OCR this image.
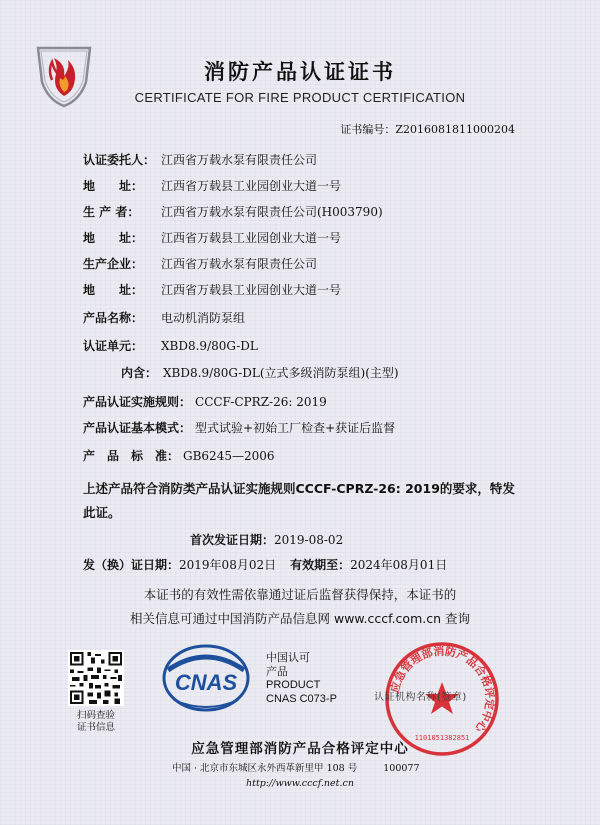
消防产品认证证书
CERTIFICATE FOR FIRE PRODUCT CERTIFICATION
证书编号：Z2016081811000204
认证委托人： 江西省万载水泵有限责任公司
地　　址： 江西省万载县工业园创业大道一号
生 产 者： 江西省万载水泵有限责任公司(H003790)
地　　址： 江西省万载县工业园创业大道一号
生产企业： 江西省万载水泵有限责任公司
地　　址： 江西省万载县工业园创业大道一号
产品名称： 电动机消防泵组
认证单元： XBD8.9/80G-DL
内含： XBD8.9/80G-DL(立式多级消防泵组)(主型)
产品认证实施规则： CCCF-CPRZ-26: 2019
产品认证基本模式： 型式试验+初始工厂检查+获证后监督
产　品　标　准： GB6245—2006
上述产品符合消防类产品认证实施规则CCCF-CPRZ-26: 2019的要求，特发此证。
首次发证日期：2019-08-02
发（换）证日期：2019年08月02日 有效期至：2024年08月01日
本证书的有效性需依靠通过证后监督获得保持，本证书的
相关信息可通过中国消防产品信息网 www.cccf.com.cn 查询
扫码查验
证书信息
CNAS
中国认可
产品
PRODUCT
CNAS C073-P
应急管理部消防产品合格评定中心
1101051382851
认证机构名称(签章)
应急管理部消防产品合格评定中心
中国 · 北京市东城区永外西革新里甲 108 号	100077
http://www.cccf.net.cn
